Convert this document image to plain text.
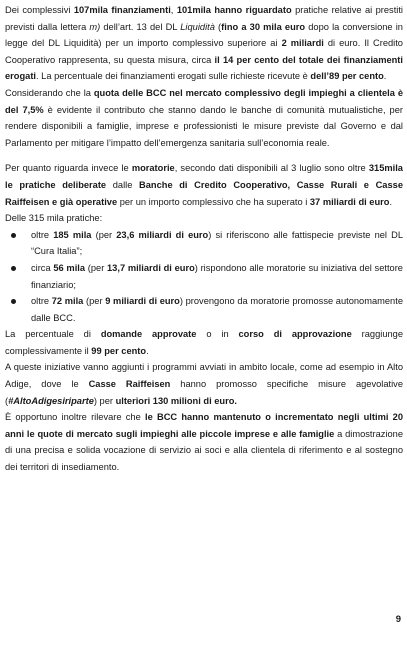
Dei complessivi 107mila finanziamenti, 101mila hanno riguardato pratiche relative ai prestiti previsti dalla lettera m) dell’art. 13 del DL Liquidità (fino a 30 mila euro dopo la conversione in legge del DL Liquidità) per un importo complessivo superiore ai 2 miliardi di euro. Il Credito Cooperativo rappresenta, su questa misura, circa il 14 per cento del totale dei finanziamenti erogati. La percentuale dei finanziamenti erogati sulle richieste ricevute è dell’89 per cento.

Considerando che la quota delle BCC nel mercato complessivo degli impieghi a clientela è del 7,5% è evidente il contributo che stanno dando le banche di comunità mutualistiche, per rendere disponibili a famiglie, imprese e professionisti le misure previste dal Governo e dal Parlamento per mitigare l’impatto dell’emergenza sanitaria sull’economia reale.

Per quanto riguarda invece le moratorie, secondo dati disponibili al 3 luglio sono oltre 315mila le pratiche deliberate dalle Banche di Credito Cooperativo, Casse Rurali e Casse Raiffeisen e già operative per un importo complessivo che ha superato i 37 miliardi di euro.

Delle 315 mila pratiche:

oltre 185 mila (per 23,6 miliardi di euro) si riferiscono alle fattispecie previste nel DL “Cura Italia”;
circa 56 mila (per 13,7 miliardi di euro) rispondono alle moratorie su iniziativa del settore finanziario;
oltre 72 mila (per 9 miliardi di euro) provengono da moratorie promosse autonomamente dalle BCC.

La percentuale di domande approvate o in corso di approvazione raggiunge complessivamente il 99 per cento.

A queste iniziative vanno aggiunti i programmi avviati in ambito locale, come ad esempio in Alto Adige, dove le Casse Raiffeisen hanno promosso specifiche misure agevolative (#AltoAdigesiriparte) per ulteriori 130 milioni di euro.

È opportuno inoltre rilevare che le BCC hanno mantenuto o incrementato negli ultimi 20 anni le quote di mercato sugli impieghi alle piccole imprese e alle famiglie a dimostrazione di una precisa e solida vocazione di servizio ai soci e alla clientela di riferimento e al sostegno dei territori di insediamento.

9
